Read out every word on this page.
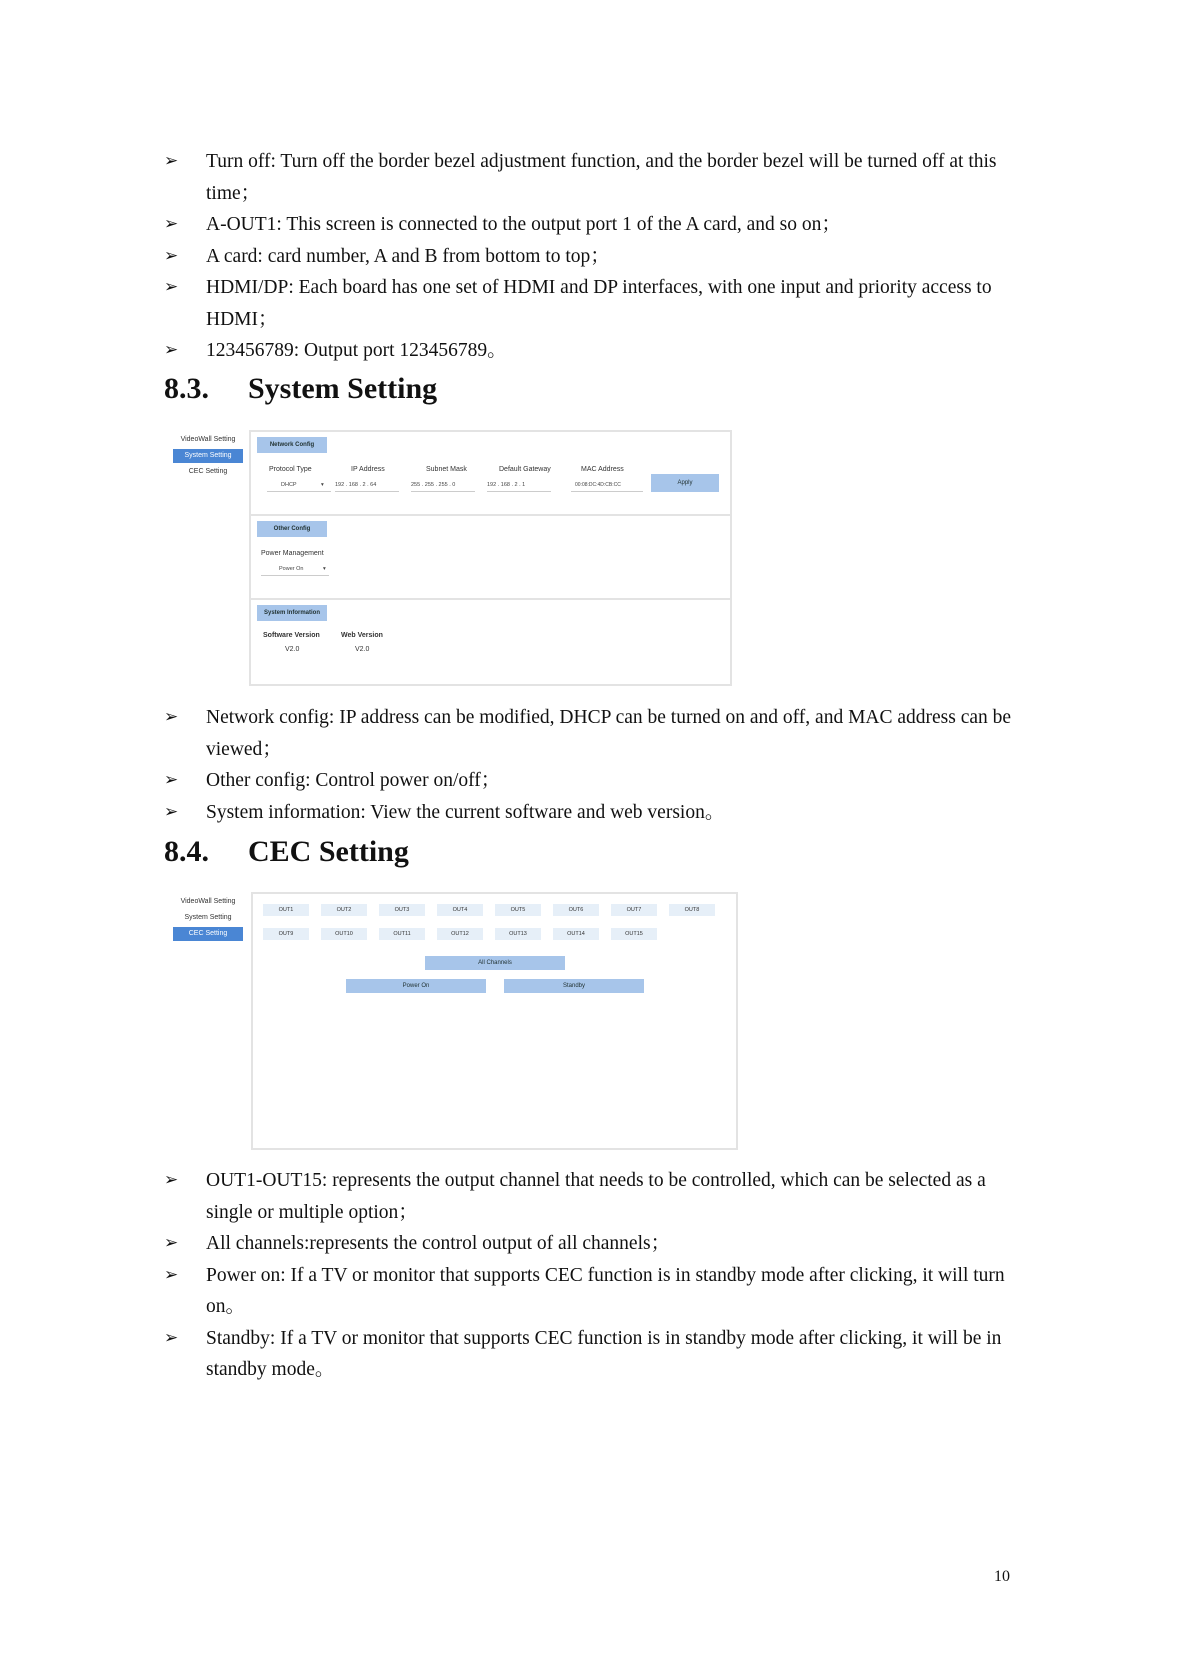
➢ Turn off: Turn off the border bezel adjustment function, and the border bezel will be turned off at this time；
➢ A-OUT1: This screen is connected to the output port 1 of the A card, and so on；
➢ A card: card number, A and B from bottom to top；
➢ HDMI/DP: Each board has one set of HDMI and DP interfaces, with one input and priority access to HDMI；
➢ 123456789: Output port 123456789。
8.3. System Setting
VideoWall Setting
System Setting
CEC Setting
Network Config
Protocol Type	IP Address	Subnet Mask	Default Gateway	MAC Address
DHCP	▾ 192 . 168 . 2 . 64	255 . 255 . 255 . 0	192 . 168 . 2 . 1	00:08:DC:4D:CB:CC	Apply
Other Config
Power Management
Power On	▾
System Information
Software Version
V2.0
Web Version
V2.0
➢ Network config: IP address can be modified, DHCP can be turned on and off, and MAC address can be viewed；
➢ Other config: Control power on/off；
➢ System information: View the current software and web version。
8.4. CEC Setting
VideoWall Setting
System Setting
CEC Setting
OUT1	OUT2	OUT3	OUT4	OUT5	OUT6	OUT7	OUT8
OUT9	OUT10	OUT11	OUT12	OUT13	OUT14	OUT15
All Channels
Power On	Standby
➢ OUT1-OUT15: represents the output channel that needs to be controlled, which can be selected as a single or multiple option；
➢ All channels:represents the control output of all channels；
➢ Power on: If a TV or monitor that supports CEC function is in standby mode after clicking, it will turn on。
➢ Standby: If a TV or monitor that supports CEC function is in standby mode after clicking, it will be in standby mode。
10
